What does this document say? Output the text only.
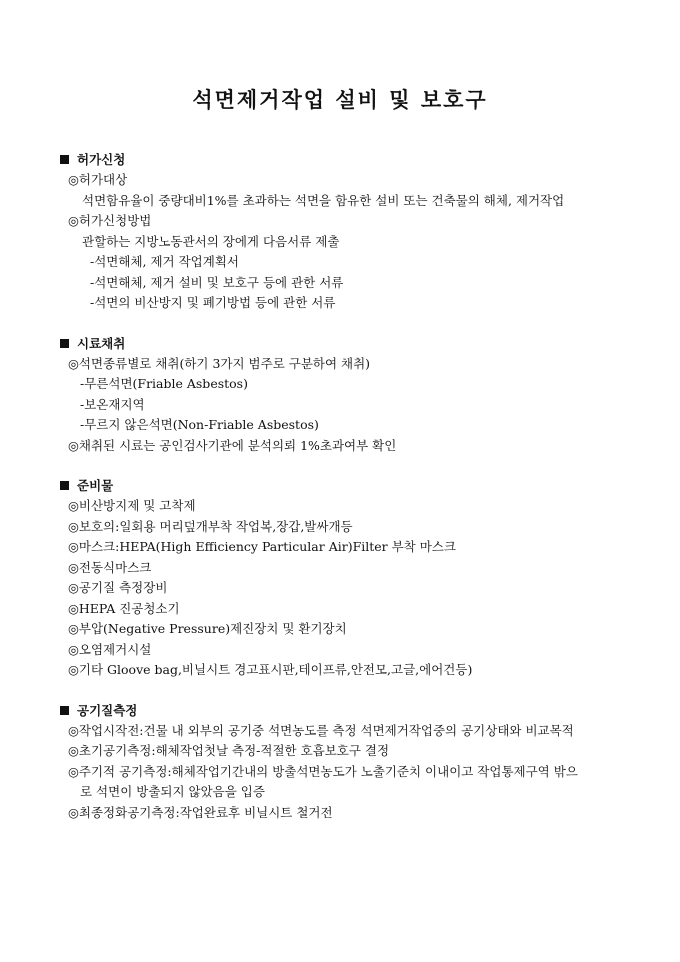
석면제거작업 설비 및 보호구
허가신청
◎허가대상
석면함유율이 중량대비1%를 초과하는 석면을 함유한 설비 또는 건축물의 해체, 제거작업
◎허가신청방법
관할하는 지방노동관서의 장에게 다음서류 제출
-석면해체, 제거 작업계획서
-석면해체, 제거 설비 및 보호구 등에 관한 서류
-석면의 비산방지 및 폐기방법 등에 관한 서류
시료채취
◎석면종류별로 채취(하기 3가지 범주로 구분하여 채취)
-무른석면(Friable Asbestos)
-보온재지역
-무르지 않은석면(Non-Friable Asbestos)
◎채취된 시료는 공인검사기관에 분석의뢰 1%초과여부 확인
준비물
◎비산방지제 및 고착제
◎보호의:일회용 머리덮개부착 작업복,장갑,발싸개등
◎마스크:HEPA(High Efficiency Particular Air)Filter 부착 마스크
◎전동식마스크
◎공기질 측정장비
◎HEPA 진공청소기
◎부압(Negative Pressure)제진장치 및 환기장치
◎오염제거시설
◎기타 Gloove bag,비닐시트 경고표시판,테이프류,안전모,고글,에어건등)
공기질측정
◎작업시작전:건물 내 외부의 공기중 석면농도를 측정 석면제거작업중의 공기상태와 비교목적
◎초기공기측정:해체작업첫날 측정-적절한 호흡보호구 결정
◎주기적 공기측정:해체작업기간내의 방출석면농도가 노출기준치 이내이고 작업통제구역 밖으
로 석면이 방출되지 않았음을 입증
◎최종정화공기측정:작업완료후 비닐시트 철거전
